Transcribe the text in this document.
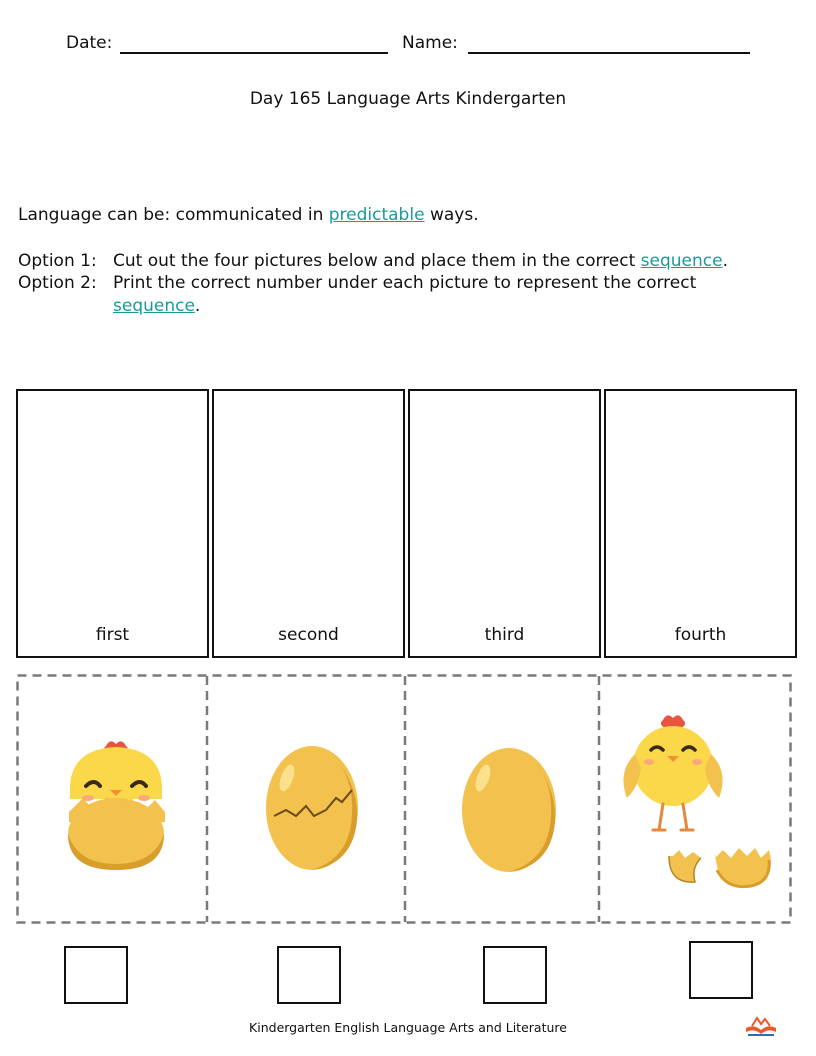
Date:	Name:
Day 165 Language Arts Kindergarten
Language can be: communicated in predictable ways.
Option 1: Cut out the four pictures below and place them in the correct sequence.
Option 2: Print the correct number under each picture to represent the correct
sequence.
first	second	third	fourth
Kindergarten English Language Arts and Literature
